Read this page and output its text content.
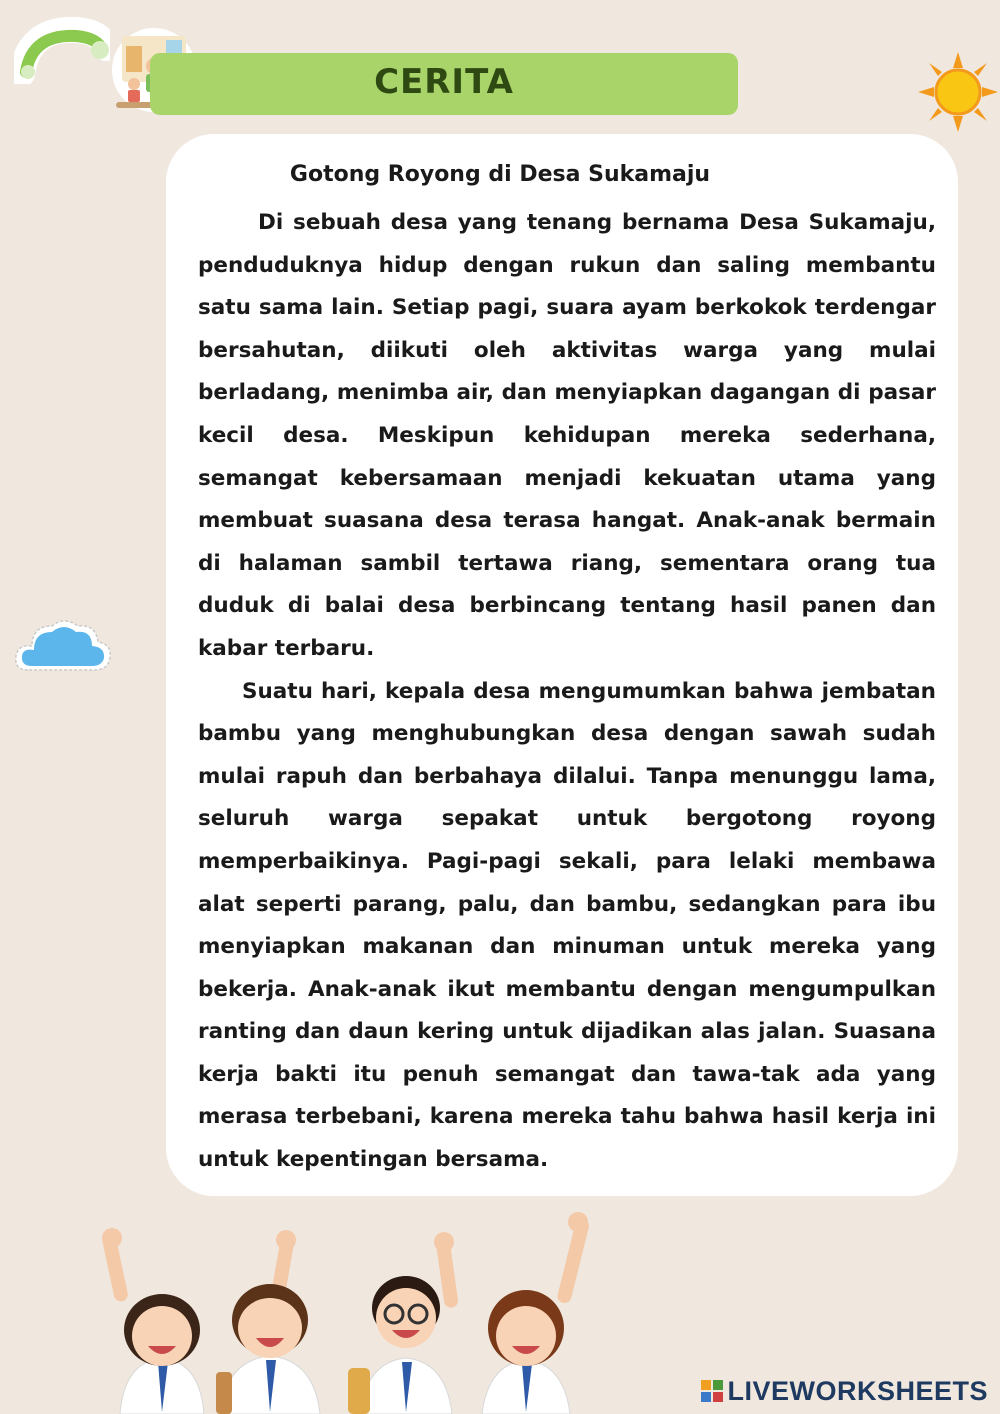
CERITA
Gotong Royong di Desa Sukamaju

Di sebuah desa yang tenang bernama Desa Sukamaju, penduduknya hidup dengan rukun dan saling membantu satu sama lain. Setiap pagi, suara ayam berkokok terdengar bersahutan, diikuti oleh aktivitas warga yang mulai berladang, menimba air, dan menyiapkan dagangan di pasar kecil desa. Meskipun kehidupan mereka sederhana, semangat kebersamaan menjadi kekuatan utama yang membuat suasana desa terasa hangat. Anak-anak bermain di halaman sambil tertawa riang, sementara orang tua duduk di balai desa berbincang tentang hasil panen dan kabar terbaru.

Suatu hari, kepala desa mengumumkan bahwa jembatan bambu yang menghubungkan desa dengan sawah sudah mulai rapuh dan berbahaya dilalui. Tanpa menunggu lama, seluruh warga sepakat untuk bergotong royong memperbaikinya. Pagi-pagi sekali, para lelaki membawa alat seperti parang, palu, dan bambu, sedangkan para ibu menyiapkan makanan dan minuman untuk mereka yang bekerja. Anak-anak ikut membantu dengan mengumpulkan ranting dan daun kering untuk dijadikan alas jalan. Suasana kerja bakti itu penuh semangat dan tawa-tak ada yang merasa terbebani, karena mereka tahu bahwa hasil kerja ini untuk kepentingan bersama.

LIVEWORKSHEETS
